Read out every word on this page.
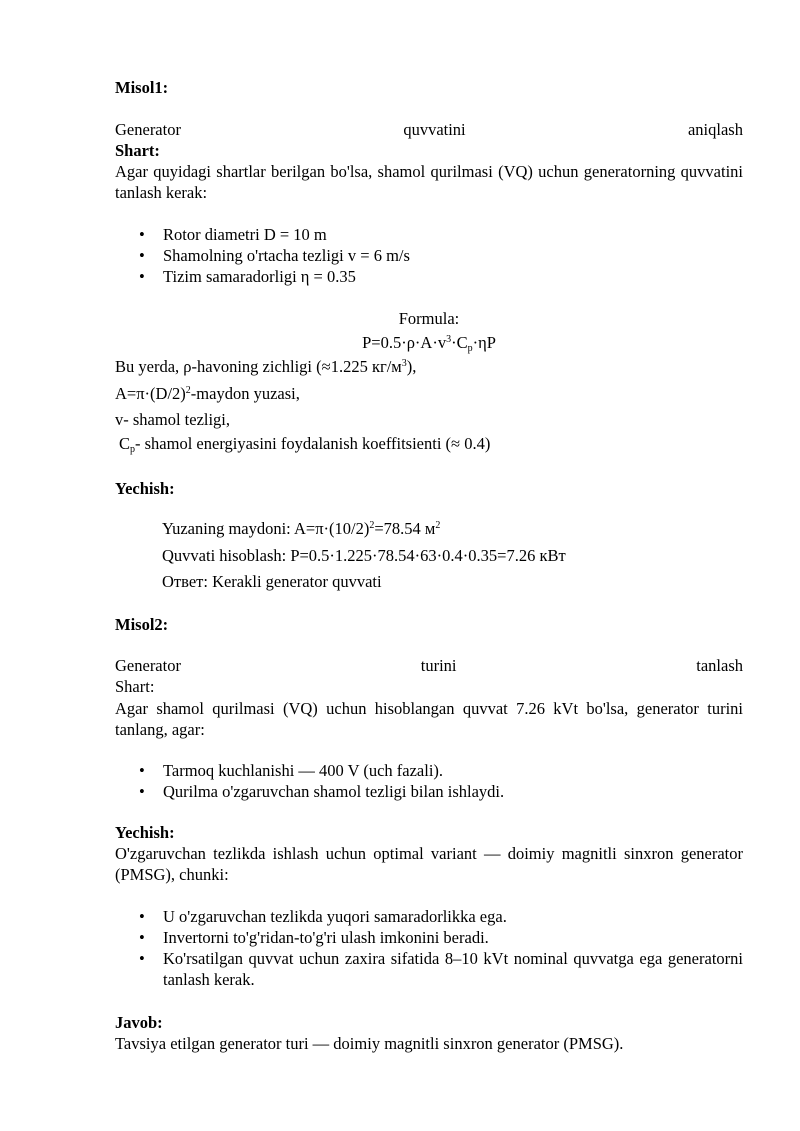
Misol1:
Generator	quvvatini	aniqlash
Shart:
Agar quyidagi shartlar berilgan bo'lsa, shamol qurilmasi (VQ) uchun generatorning quvvatini tanlash kerak:
• Rotor diametri D = 10 m
• Shamolning o'rtacha tezligi v = 6 m/s
• Tizim samaradorligi η = 0.35
Formula:
$P=0.5\cdot\rho\cdot A\cdot v^3\cdot C_p\cdot\eta P$
Bu yerda, ρ-havoning zichligi (≈1.225 $кг/м^3$),
$A=\pi\cdot(D/2)^2$-maydon yuzasi,
v- shamol tezligi,
$C_p-$ shamol energiyasini foydalanish koeffitsienti (≈ 0.4)
Yechish:
Yuzaning maydoni: $A=\pi\cdot(10/2)^2=78.54$ $м^2$
Quvvati hisoblash: P=0.5·1.225·78.54·63·0.4·0.35=7.26 кВт
Ответ: Kerakli generator quvvati
Misol2:
Generator	turini	tanlash
Shart:
Agar shamol qurilmasi (VQ) uchun hisoblangan quvvat 7.26 kVt bo'lsa, generator turini tanlang, agar:
• Tarmoq kuchlanishi — 400 V (uch fazali).
• Qurilma o'zgaruvchan shamol tezligi bilan ishlaydi.
Yechish:
O'zgaruvchan tezlikda ishlash uchun optimal variant — doimiy magnitli sinxron generator (PMSG), chunki:
• U o'zgaruvchan tezlikda yuqori samaradorlikka ega.
• Invertorni to'g'ridan-to'g'ri ulash imkonini beradi.
• Ko'rsatilgan quvvat uchun zaxira sifatida 8–10 kVt nominal quvvatga ega generatorni tanlash kerak.
Javob:
Tavsiya etilgan generator turi — doimiy magnitli sinxron generator (PMSG).
